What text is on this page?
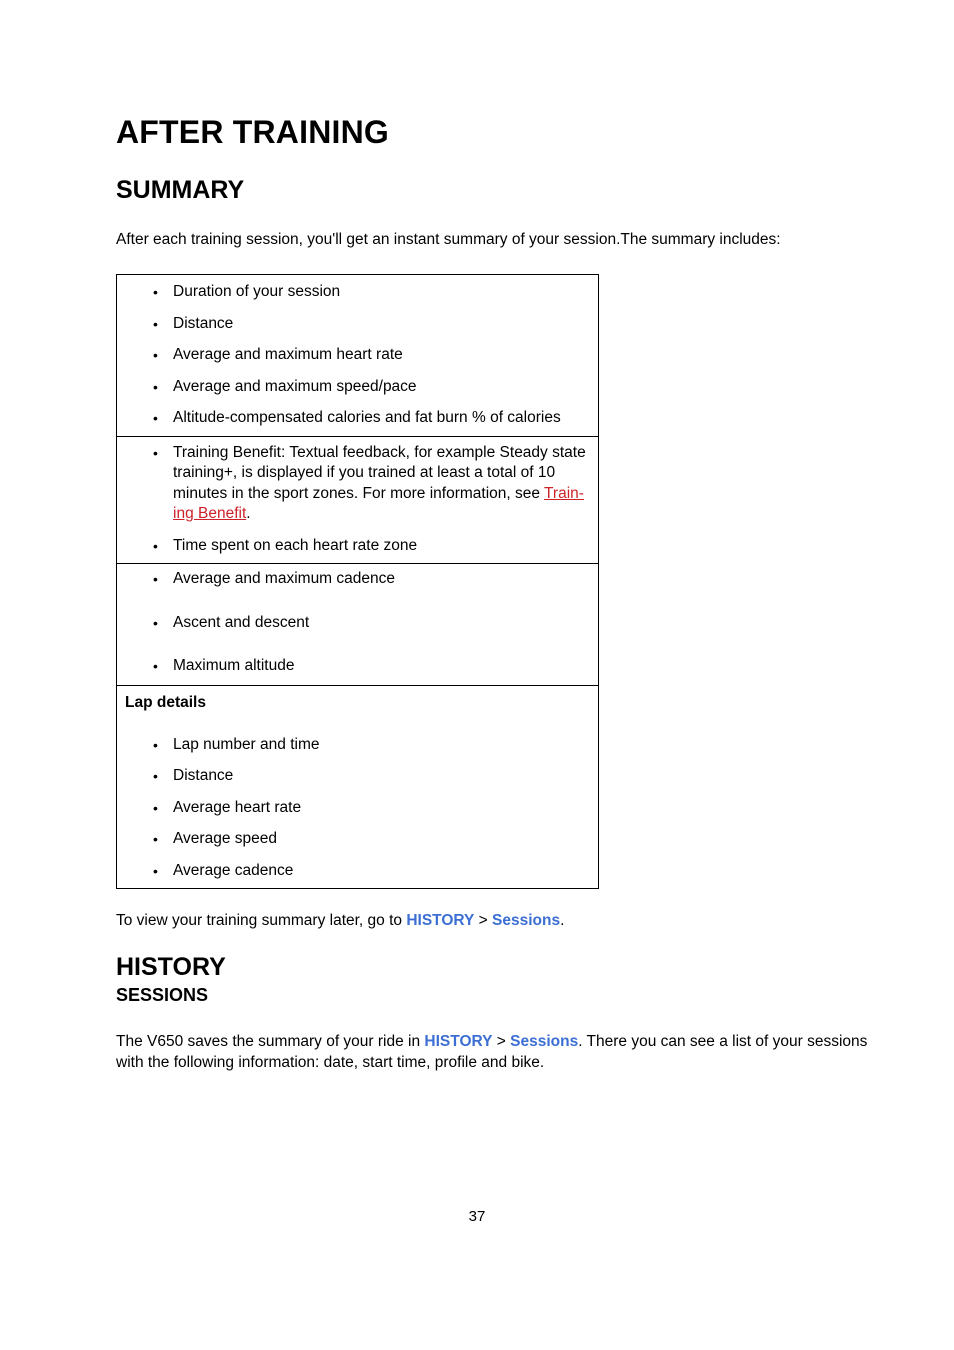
AFTER TRAINING
SUMMARY

After each training session, you'll get an instant summary of your session.The summary includes:

• Duration of your session
• Distance
• Average and maximum heart rate
• Average and maximum speed/pace
• Altitude-compensated calories and fat burn % of calories

• Training Benefit: Textual feedback, for example Steady state training+, is displayed if you trained at least a total of 10 minutes in the sport zones. For more information, see Train-ing Benefit.
• Time spent on each heart rate zone

• Average and maximum cadence
• Ascent and descent
• Maximum altitude

Lap details
• Lap number and time
• Distance
• Average heart rate
• Average speed
• Average cadence

To view your training summary later, go to HISTORY > Sessions.

HISTORY
SESSIONS

The V650 saves the summary of your ride in HISTORY > Sessions. There you can see a list of your sessions with the following information: date, start time, profile and bike.

37
